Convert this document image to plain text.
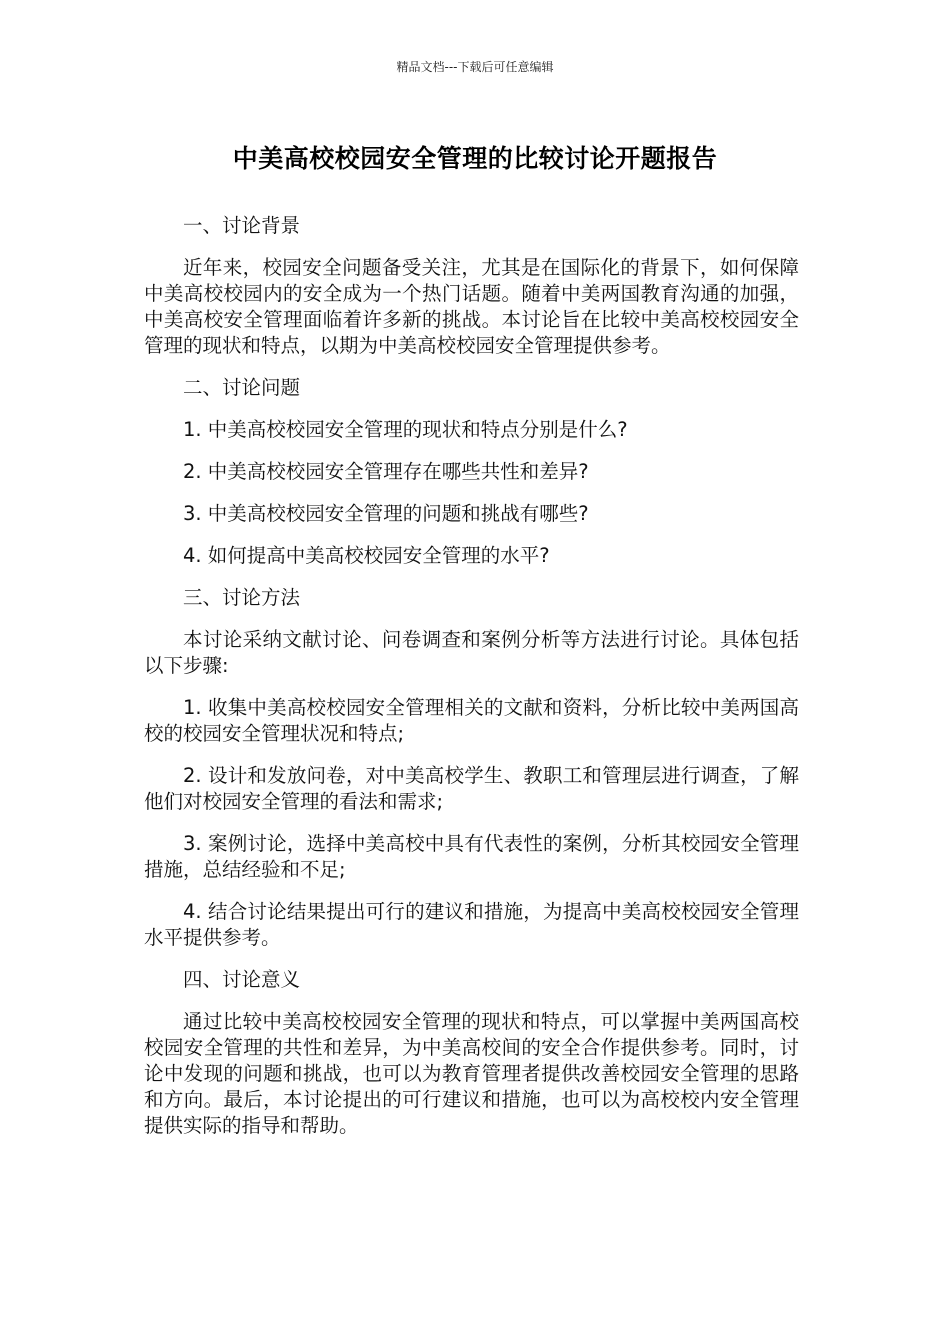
精品文档---下载后可任意编辑
中美高校校园安全管理的比较讨论开题报告

一、讨论背景

近年来，校园安全问题备受关注，尤其是在国际化的背景下，如何保障中美高校校园内的安全成为一个热门话题。随着中美两国教育沟通的加强，中美高校安全管理面临着许多新的挑战。本讨论旨在比较中美高校校园安全管理的现状和特点，以期为中美高校校园安全管理提供参考。

二、讨论问题

1. 中美高校校园安全管理的现状和特点分别是什么?

2. 中美高校校园安全管理存在哪些共性和差异?

3. 中美高校校园安全管理的问题和挑战有哪些?

4. 如何提高中美高校校园安全管理的水平?

三、讨论方法

本讨论采纳文献讨论、问卷调查和案例分析等方法进行讨论。具体包括以下步骤:

1. 收集中美高校校园安全管理相关的文献和资料，分析比较中美两国高校的校园安全管理状况和特点;

2. 设计和发放问卷，对中美高校学生、教职工和管理层进行调查，了解他们对校园安全管理的看法和需求;

3. 案例讨论，选择中美高校中具有代表性的案例，分析其校园安全管理措施，总结经验和不足;

4. 结合讨论结果提出可行的建议和措施，为提高中美高校校园安全管理水平提供参考。

四、讨论意义

通过比较中美高校校园安全管理的现状和特点，可以掌握中美两国高校校园安全管理的共性和差异，为中美高校间的安全合作提供参考。同时，讨论中发现的问题和挑战，也可以为教育管理者提供改善校园安全管理的思路和方向。最后，本讨论提出的可行建议和措施，也可以为高校校内安全管理提供实际的指导和帮助。
